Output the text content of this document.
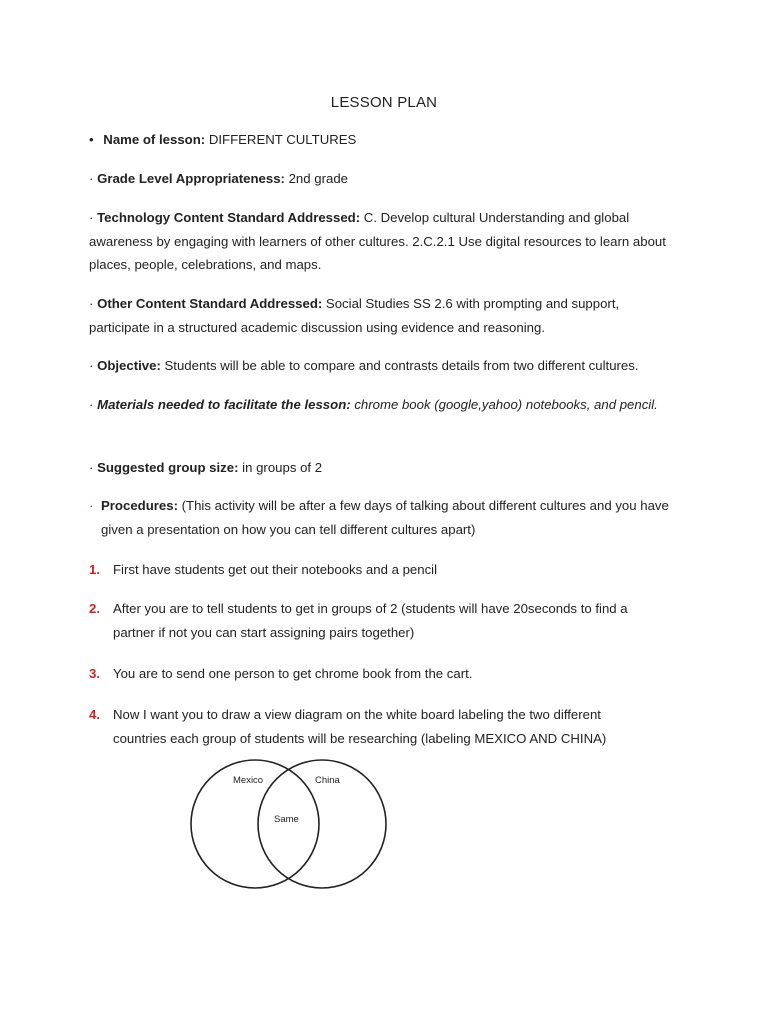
LESSON PLAN
• Name of lesson: DIFFERENT CULTURES
· Grade Level Appropriateness: 2nd grade
· Technology Content Standard Addressed: C. Develop cultural Understanding and global awareness by engaging with learners of other cultures. 2.C.2.1 Use digital resources to learn about places, people, celebrations, and maps.
· Other Content Standard Addressed: Social Studies SS 2.6 with prompting and support, participate in a structured academic discussion using evidence and reasoning.
· Objective: Students will be able to compare and contrasts details from two different cultures.
· Materials needed to facilitate the lesson: chrome book (google,yahoo) notebooks, and pencil.
· Suggested group size: in groups of 2
· Procedures: (This activity will be after a few days of talking about different cultures and you have given a presentation on how you can tell different cultures apart)
1. First have students get out their notebooks and a pencil
2. After you are to tell students to get in groups of 2 (students will have 20seconds to find a partner if not you can start assigning pairs together)
3. You are to send one person to get chrome book from the cart.
4. Now I want you to draw a view diagram on the white board labeling the two different countries each group of students will be researching (labeling MEXICO AND CHINA)
Mexico	China
Same
